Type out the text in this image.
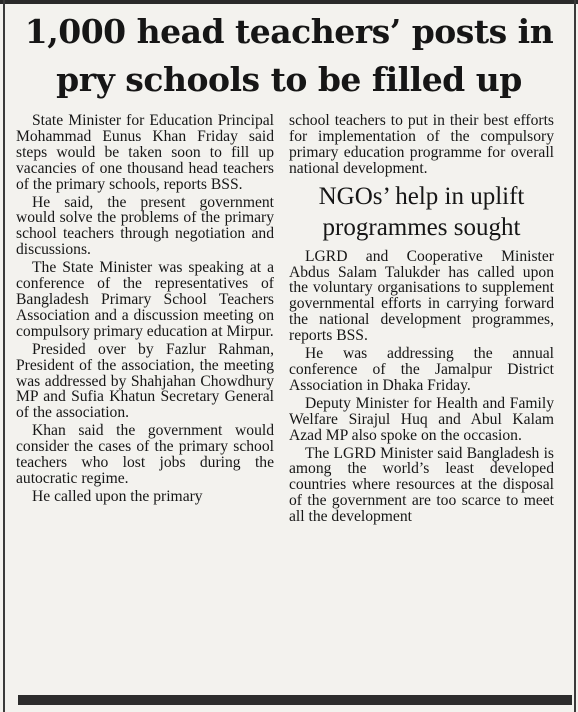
1,000 head teachers’ posts in
pry schools to be filled up

State Minister for Education Principal Mohammad Eunus Khan Friday said steps would be taken soon to fill up vacancies of one thousand head teachers of the primary schools, reports BSS.

He said, the present government would solve the problems of the primary school teachers through negotiation and discussions.

The State Minister was speaking at a conference of the representatives of Bangladesh Primary School Teachers Association and a discussion meeting on compulsory primary education at Mirpur.

Presided over by Fazlur Rahman, President of the association, the meeting was addressed by Shahjahan Chowdhury MP and Sufia Khatun Secretary General of the association.

Khan said the government would consider the cases of the primary school teachers who lost jobs during the autocratic regime.

He called upon the primary

school teachers to put in their best efforts for implementation of the compulsory primary education programme for overall national development.

NGOs’ help in uplift
programmes sought

LGRD and Cooperative Minister Abdus Salam Talukder has called upon the voluntary organisations to supplement governmental efforts in carrying forward the national development programmes, reports BSS.

He was addressing the annual conference of the Jamalpur District Association in Dhaka Friday.

Deputy Minister for Health and Family Welfare Sirajul Huq and Abul Kalam Azad MP also spoke on the occasion.

The LGRD Minister said Bangladesh is among the world’s least developed countries where resources at the disposal of the government are too scarce to meet all the development
